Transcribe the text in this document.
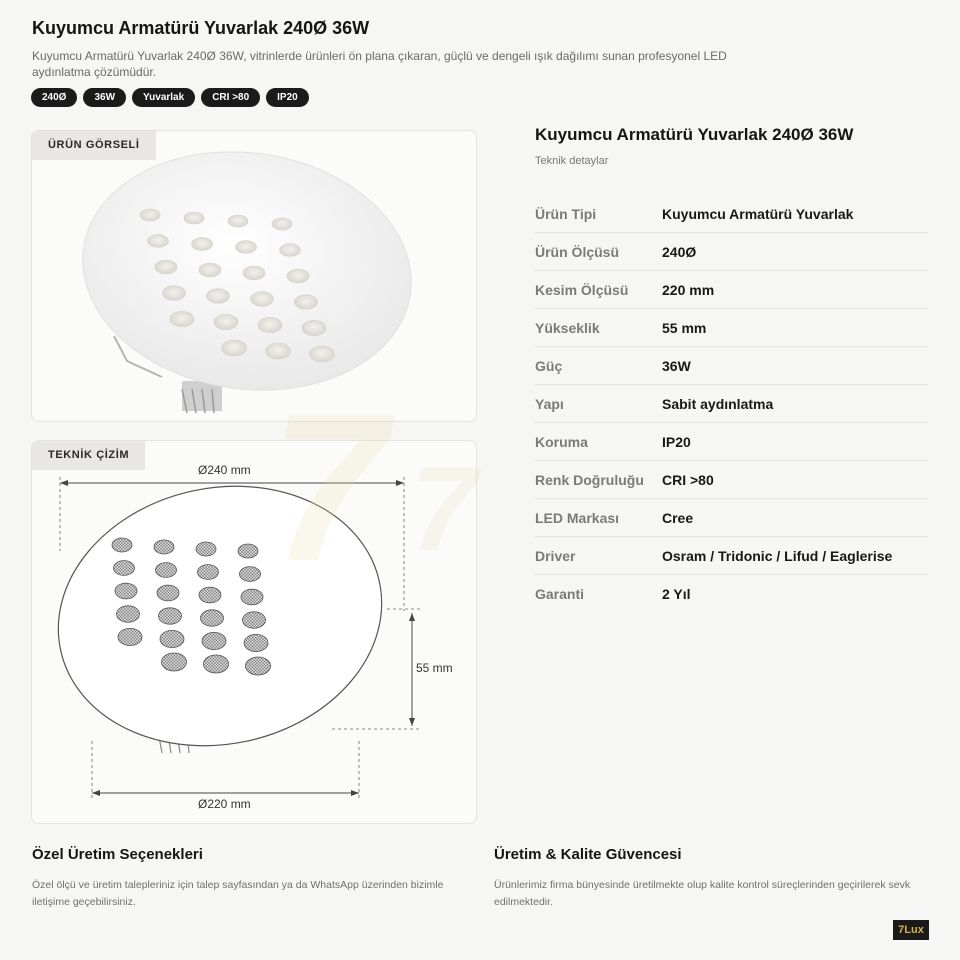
Kuyumcu Armatürü Yuvarlak 240Ø 36W

Kuyumcu Armatürü Yuvarlak 240Ø 36W, vitrinlerde ürünleri ön plana çıkaran, güçlü ve dengeli ışık dağılımı sunan profesyonel LED aydınlatma çözümüdür.

240Ø	36W	Yuvarlak	CRI >80	IP20
ÜRÜN GÖRSELİ
TEKNİK ÇİZİM
Ø240 mm
55 mm
Ø220 mm
7
Kuyumcu Armatürü Yuvarlak 240Ø 36W

Teknik detaylar

Ürün Tipi	Kuyumcu Armatürü Yuvarlak
Ürün Ölçüsü	240Ø
Kesim Ölçüsü	220 mm
Yükseklik	55 mm
Güç	36W
Yapı	Sabit aydınlatma
Koruma	IP20
Renk Doğruluğu	CRI >80
LED Markası	Cree
Driver	Osram / Tridonic / Lifud / Eaglerise
Garanti	2 Yıl
Özel Üretim Seçenekleri

Özel ölçü ve üretim talepleriniz için talep sayfasından ya da WhatsApp üzerinden bizimle iletişime geçebilirsiniz.

Üretim & Kalite Güvencesi

Ürünlerimiz firma bünyesinde üretilmekte olup kalite kontrol süreçlerinden geçirilerek sevk edilmektedir.

7Lux
